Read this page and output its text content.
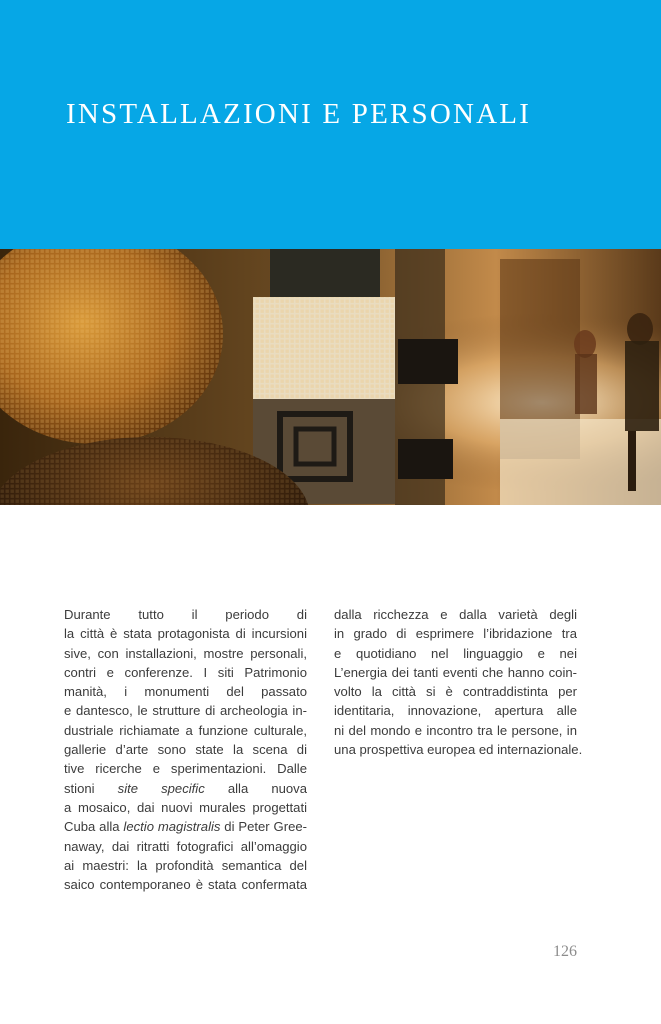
INSTALLAZIONI E PERSONALI
Durante tutto il periodo di
la città è stata protagonista di incursioni
sive, con installazioni, mostre personali,
contri e conferenze. I siti Patrimonio
manità, i monumenti del passato
e dantesco, le strutture di archeologia in-
dustriale richiamate a funzione culturale,
gallerie d’arte sono state la scena di
tive ricerche e sperimentazioni. Dalle
stioni site specific alla nuova
a mosaico, dai nuovi murales progettati
Cuba alla lectio magistralis di Peter Gree-
naway, dai ritratti fotografici all’omaggio
ai maestri: la profondità semantica del
saico contemporaneo è stata confermata
dalla ricchezza e dalla varietà degli
in grado di esprimere l’ibridazione tra
e quotidiano nel linguaggio e nei
L’energia dei tanti eventi che hanno coin-
volto la città si è contraddistinta per
identitaria, innovazione, apertura alle
ni del mondo e incontro tra le persone, in
una prospettiva europea ed internazionale.
126
